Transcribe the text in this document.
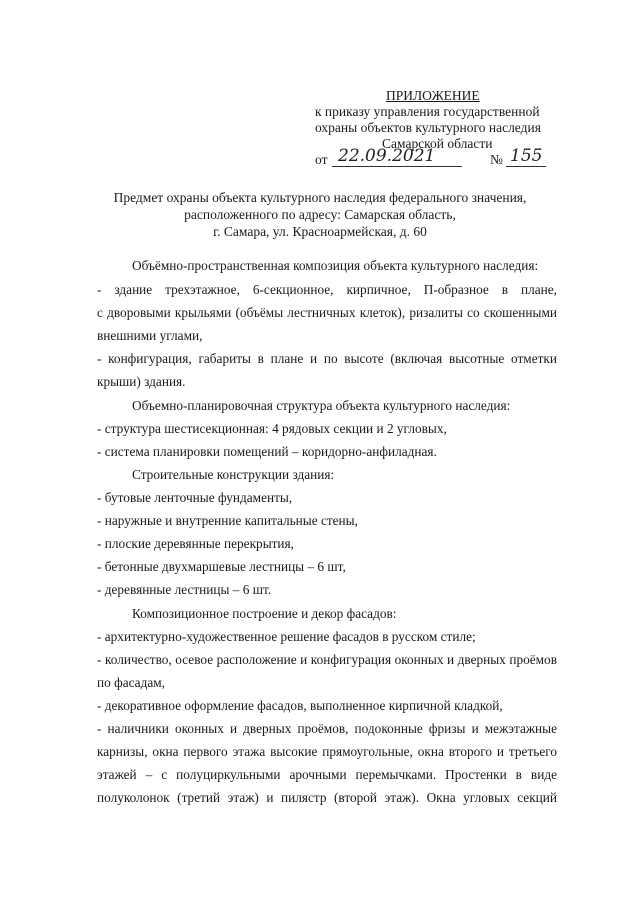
ПРИЛОЖЕНИЕ

к приказу управления государственной

охраны объектов культурного наследия

Самарской области

от 22.09.2021	№ 155

Предмет охраны объекта культурного наследия федерального значения,

расположенного по адресу: Самарская область,

г. Самара, ул. Красноармейская, д. 60

Объёмно-пространственная композиция объекта культурного наследия:

- здание трехэтажное, 6-секционное, кирпичное, П-образное в плане,

с дворовыми крыльями (объёмы лестничных клеток), ризалиты со скошенными

внешними углами,

- конфигурация, габариты в плане и по высоте (включая высотные отметки

крыши) здания.

Объемно-планировочная структура объекта культурного наследия:

- структура шестисекционная: 4 рядовых секции и 2 угловых,

- система планировки помещений – коридорно-анфиладная.

Строительные конструкции здания:

- бутовые ленточные фундаменты,

- наружные и внутренние капитальные стены,

- плоские деревянные перекрытия,

- бетонные двухмаршевые лестницы – 6 шт,

- деревянные лестницы – 6 шт.

Композиционное построение и декор фасадов:

- архитектурно-художественное решение фасадов в русском стиле;

- количество, осевое расположение и конфигурация оконных и дверных проёмов

по фасадам,

- декоративное оформление фасадов, выполненное кирпичной кладкой,

- наличники оконных и дверных проёмов, подоконные фризы и межэтажные

карнизы, окна первого этажа высокие прямоугольные, окна второго и третьего

этажей – с полуциркульными арочными перемычками. Простенки в виде

полуколонок (третий этаж) и пилястр (второй этаж). Окна угловых секций
